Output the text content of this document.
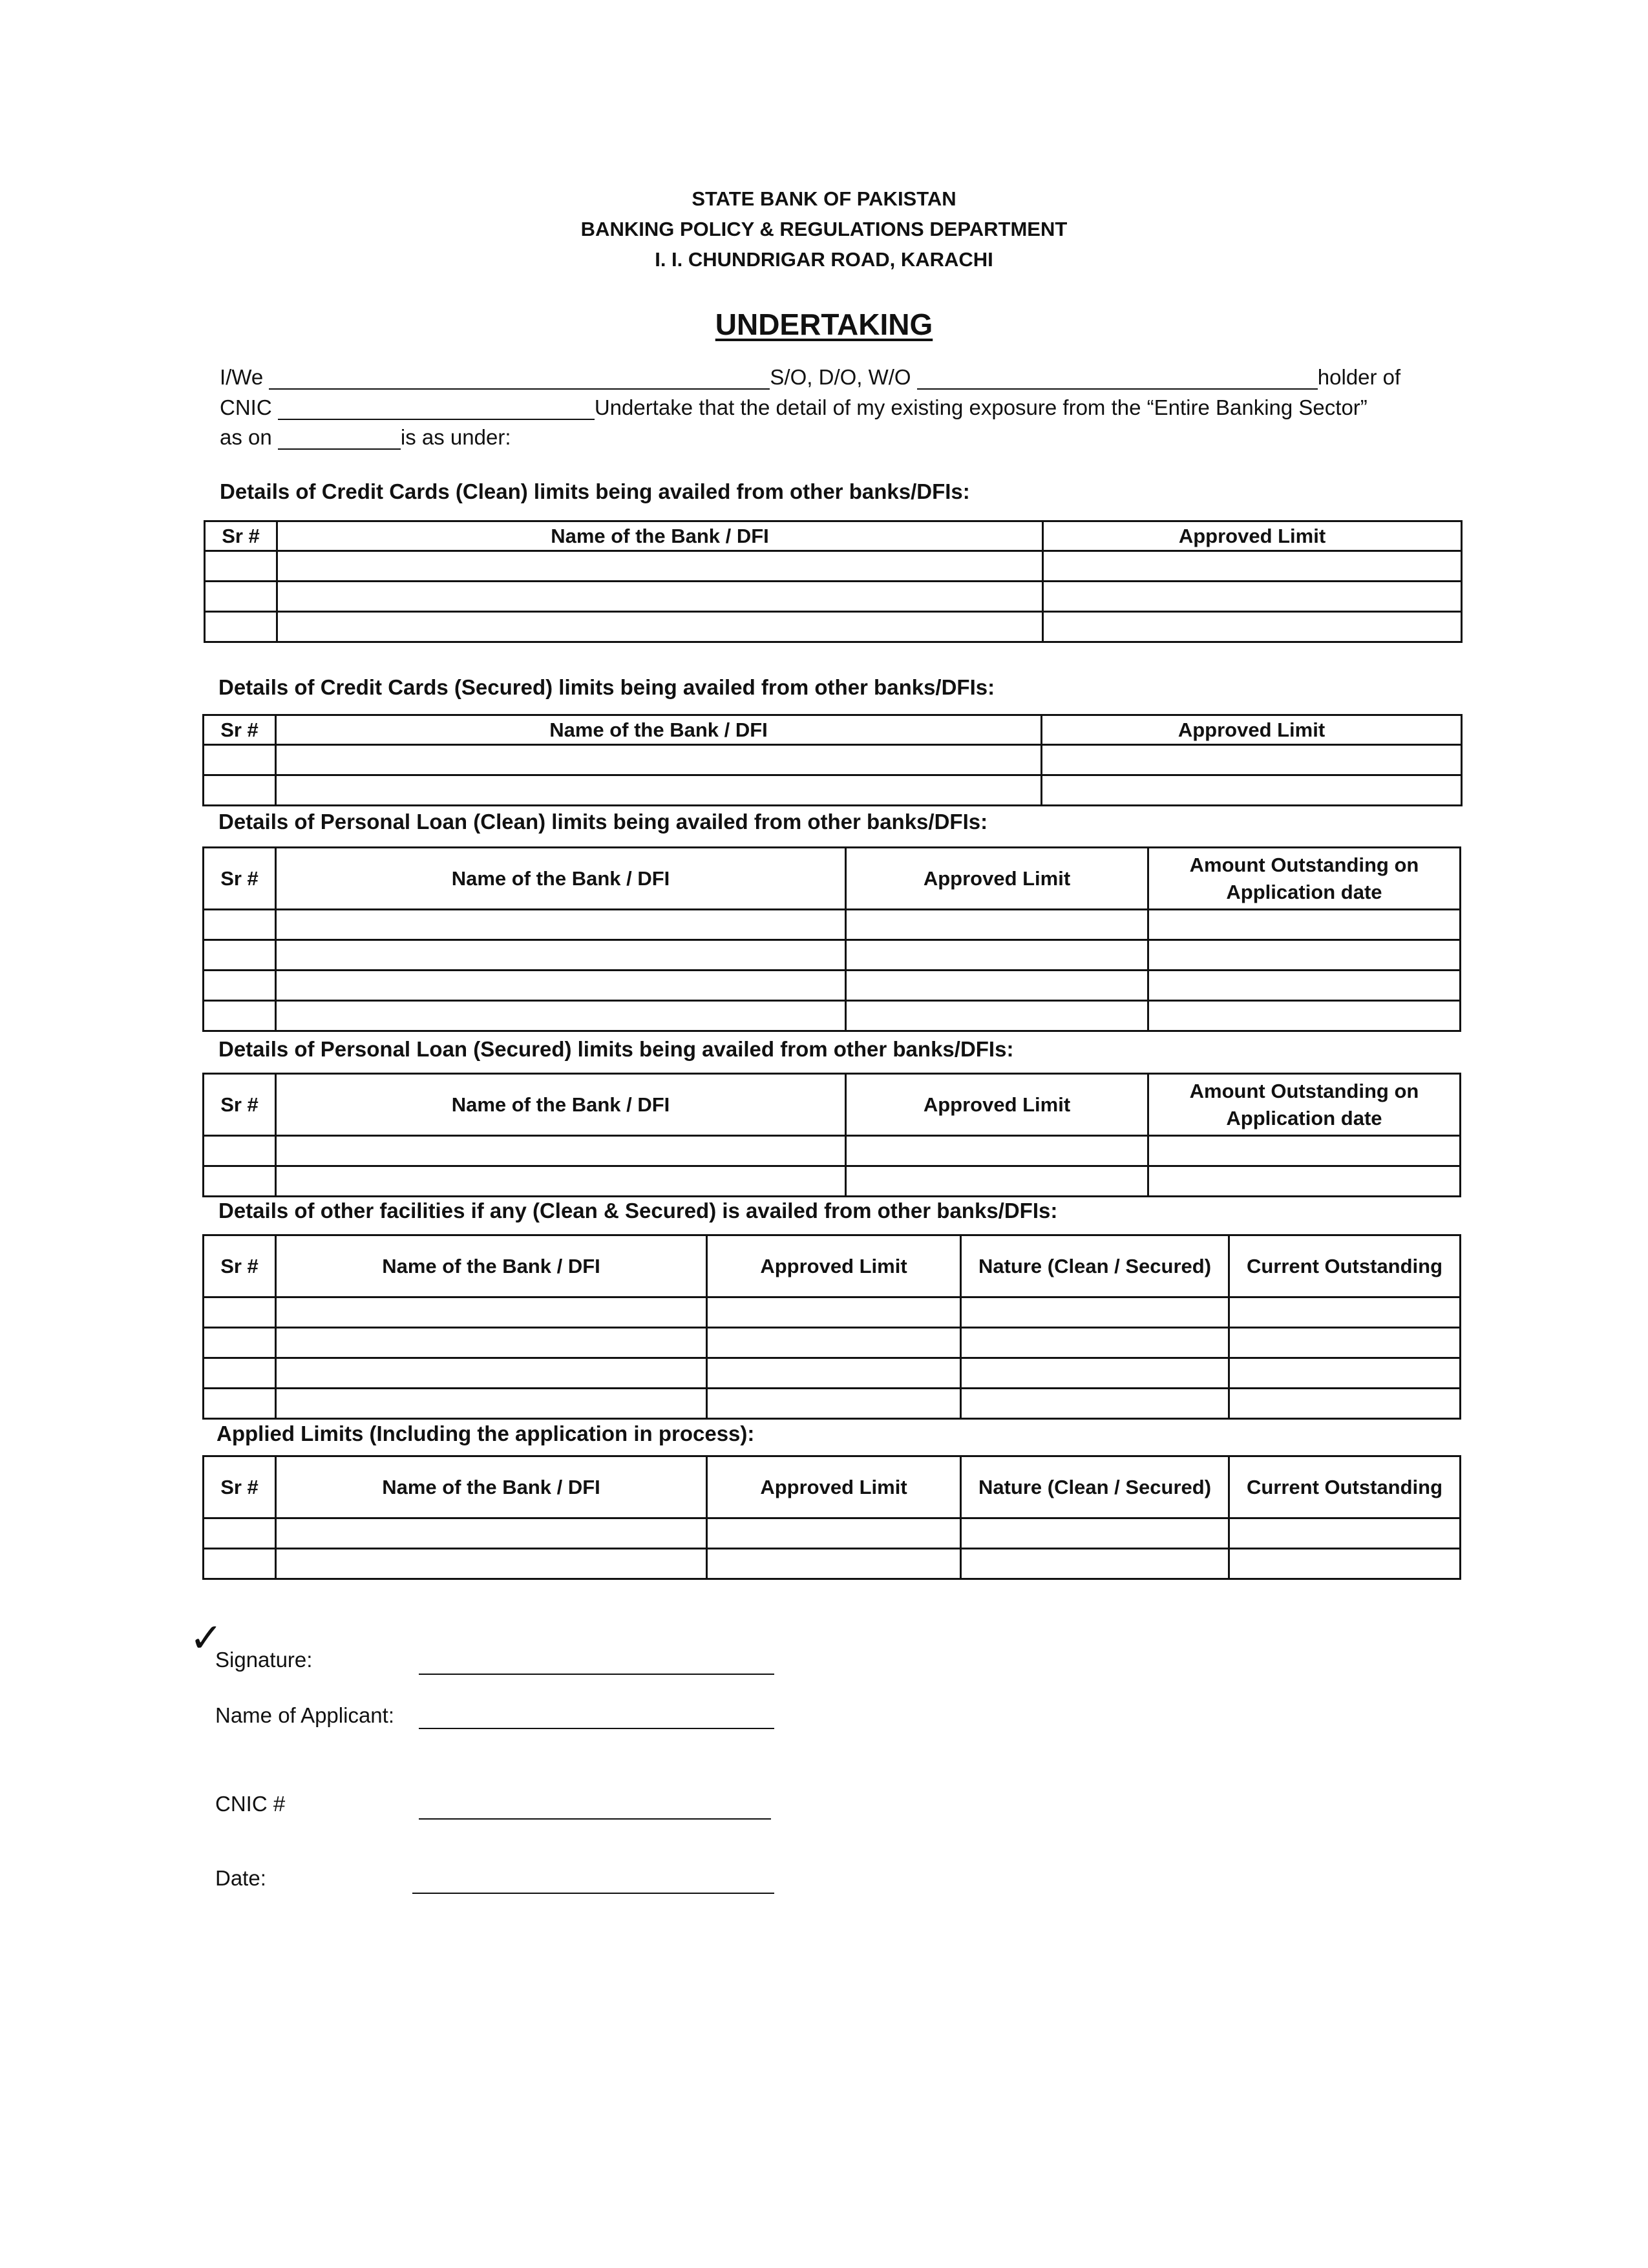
STATE BANK OF PAKISTAN
BANKING POLICY & REGULATIONS DEPARTMENT
I. I. CHUNDRIGAR ROAD, KARACHI
UNDERTAKING
I/We	S/O, D/O, W/O	holder of
CNIC	Undertake that the detail of my existing exposure from the “Entire Banking Sector”
as on	is as under:
Details of Credit Cards (Clean) limits being availed from other banks/DFIs:
Sr #	Name of the Bank / DFI	Approved Limit

Details of Credit Cards (Secured) limits being availed from other banks/DFIs:
Sr #	Name of the Bank / DFI	Approved Limit

Details of Personal Loan (Clean) limits being availed from other banks/DFIs:
Sr #	Name of the Bank / DFI	Approved Limit	Amount Outstanding on Application date

Details of Personal Loan (Secured) limits being availed from other banks/DFIs:
Sr #	Name of the Bank / DFI	Approved Limit	Amount Outstanding on Application date

Details of other facilities if any (Clean & Secured) is availed from other banks/DFIs:
Sr #	Name of the Bank / DFI	Approved Limit	Nature (Clean / Secured)	Current Outstanding

Applied Limits (Including the application in process):
Sr #	Name of the Bank / DFI	Approved Limit	Nature (Clean / Secured)	Current Outstanding

✓
Signature:
Name of Applicant:
CNIC #
Date:
